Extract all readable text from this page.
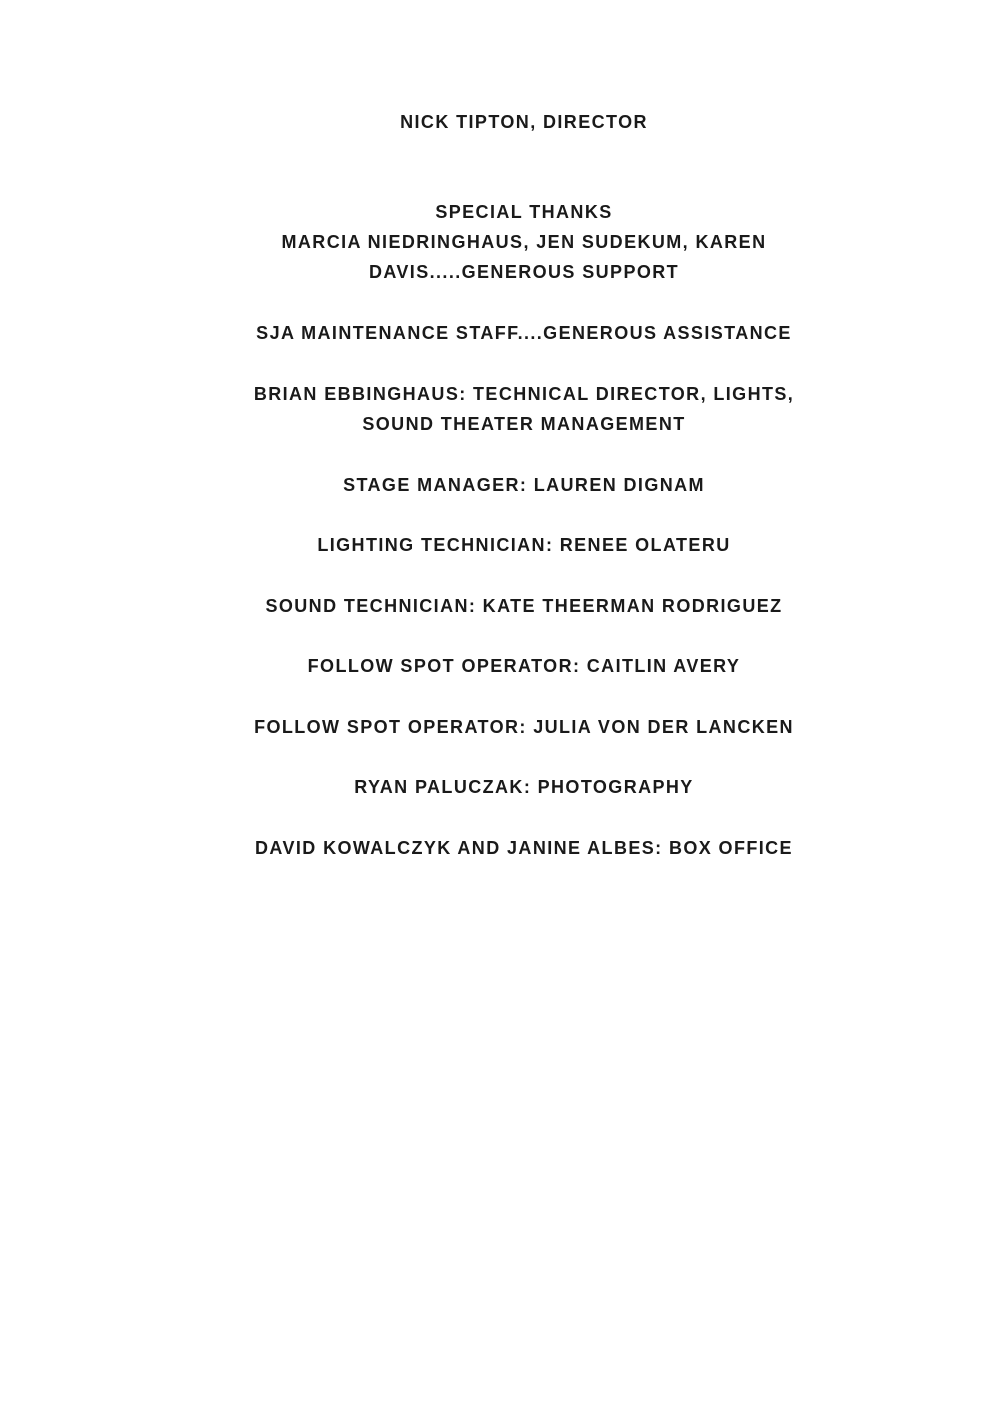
NICK TIPTON, DIRECTOR
SPECIAL THANKS
MARCIA NIEDRINGHAUS, JEN SUDEKUM, KAREN
DAVIS.....GENEROUS SUPPORT
SJA MAINTENANCE STAFF....GENEROUS ASSISTANCE
BRIAN EBBINGHAUS: TECHNICAL DIRECTOR, LIGHTS,
SOUND THEATER MANAGEMENT
STAGE MANAGER: LAUREN DIGNAM
LIGHTING TECHNICIAN: RENEE OLATERU
SOUND TECHNICIAN: KATE THEERMAN RODRIGUEZ
FOLLOW SPOT OPERATOR: CAITLIN AVERY
FOLLOW SPOT OPERATOR: JULIA VON DER LANCKEN
RYAN PALUCZAK: PHOTOGRAPHY
DAVID KOWALCZYK AND JANINE ALBES: BOX OFFICE
